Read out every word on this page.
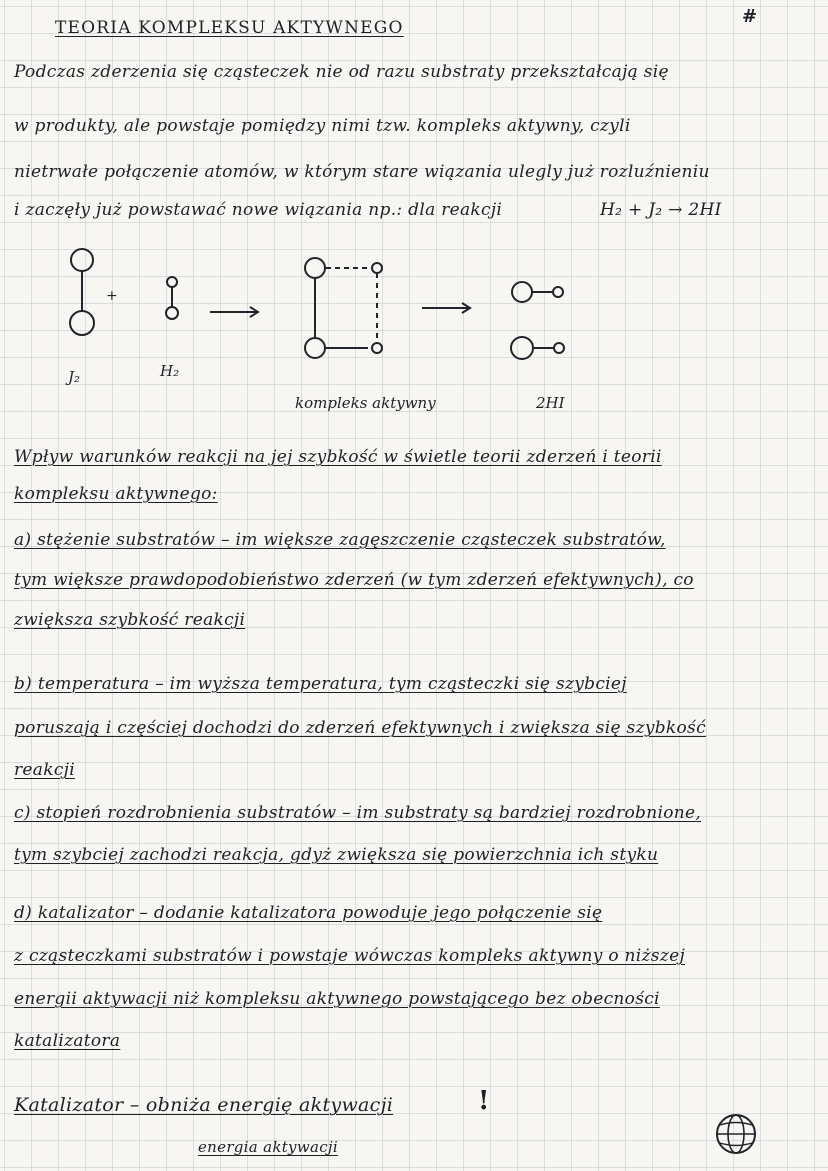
TEORIA KOMPLEKSU AKTYWNEGO
#
Podczas zderzenia się cząsteczek nie od razu substraty przekształcają się
w produkty, ale powstaje pomiędzy nimi tzw. kompleks aktywny, czyli
nietrwałe połączenie atomów, w którym stare wiązania ulegly już rozluźnieniu
i zaczęły już powstawać nowe wiązania np.: dla reakcji	H₂ + J₂ → 2HI
+
J₂	H₂
kompleks aktywny	2HI
Wpływ warunków reakcji na jej szybkość w świetle teorii zderzeń i teorii
kompleksu aktywnego:
a) stężenie substratów – im większe zagęszczenie cząsteczek substratów,
tym większe prawdopodobieństwo zderzeń (w tym zderzeń efektywnych), co
zwiększa szybkość reakcji
b) temperatura – im wyższa temperatura, tym cząsteczki się szybciej
poruszają i częściej dochodzi do zderzeń efektywnych i zwiększa się szybkość
reakcji
c) stopień rozdrobnienia substratów – im substraty są bardziej rozdrobnione,
tym szybciej zachodzi reakcja, gdyż zwiększa się powierzchnia ich styku
d) katalizator – dodanie katalizatora powoduje jego połączenie się
z cząsteczkami substratów i powstaje wówczas kompleks aktywny o niższej
energii aktywacji niż kompleksu aktywnego powstającego bez obecności
katalizatora
Katalizator – obniża energię aktywacji	!
energia aktywacji
